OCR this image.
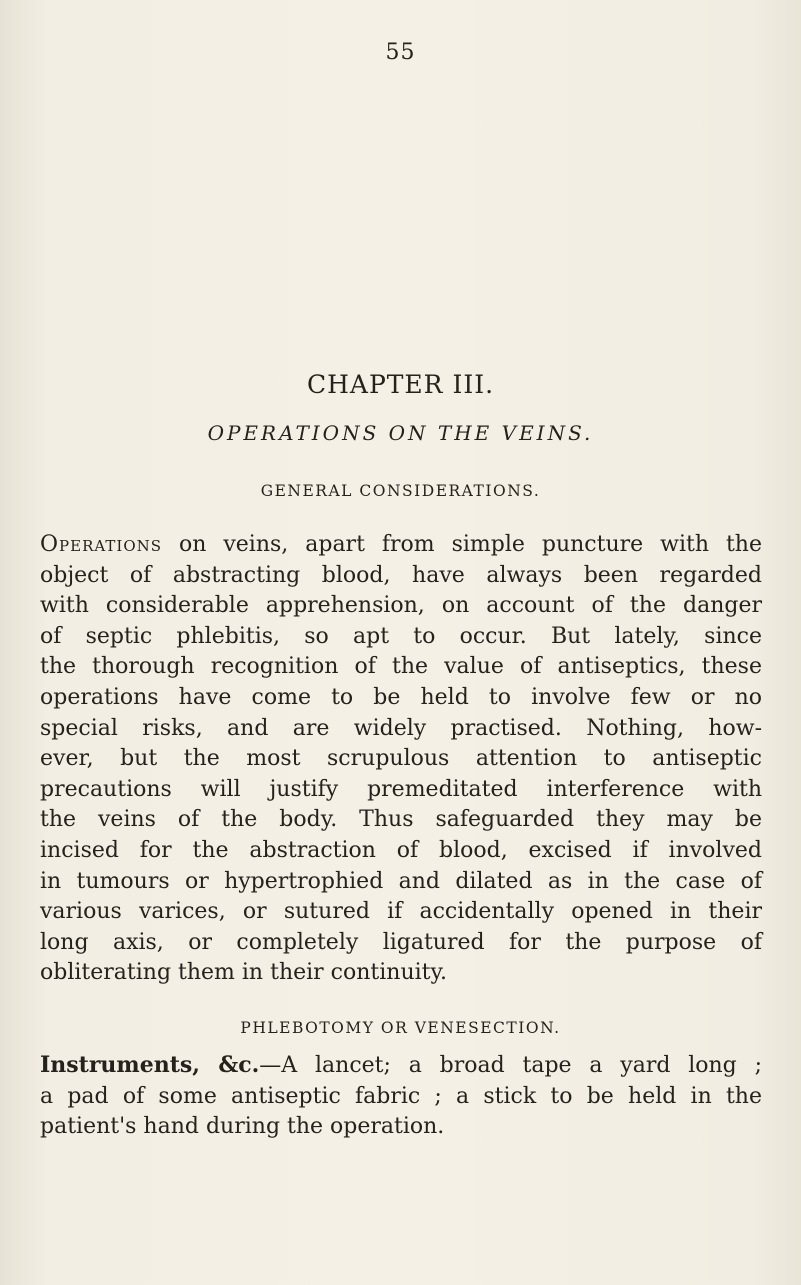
55
CHAPTER III.
OPERATIONS ON THE VEINS.
GENERAL CONSIDERATIONS.
Operations on veins, apart from simple puncture with the
object of abstracting blood, have always been regarded
with considerable apprehension, on account of the danger
of septic phlebitis, so apt to occur. But lately, since
the thorough recognition of the value of antiseptics, these
operations have come to be held to involve few or no
special risks, and are widely practised. Nothing, how-
ever, but the most scrupulous attention to antiseptic
precautions will justify premeditated interference with
the veins of the body. Thus safeguarded they may be
incised for the abstraction of blood, excised if involved
in tumours or hypertrophied and dilated as in the case of
various varices, or sutured if accidentally opened in their
long axis, or completely ligatured for the purpose of
obliterating them in their continuity.
PHLEBOTOMY OR VENESECTION.
Instruments, &c.—A lancet; a broad tape a yard long ;
a pad of some antiseptic fabric ; a stick to be held in the
patient's hand during the operation.
